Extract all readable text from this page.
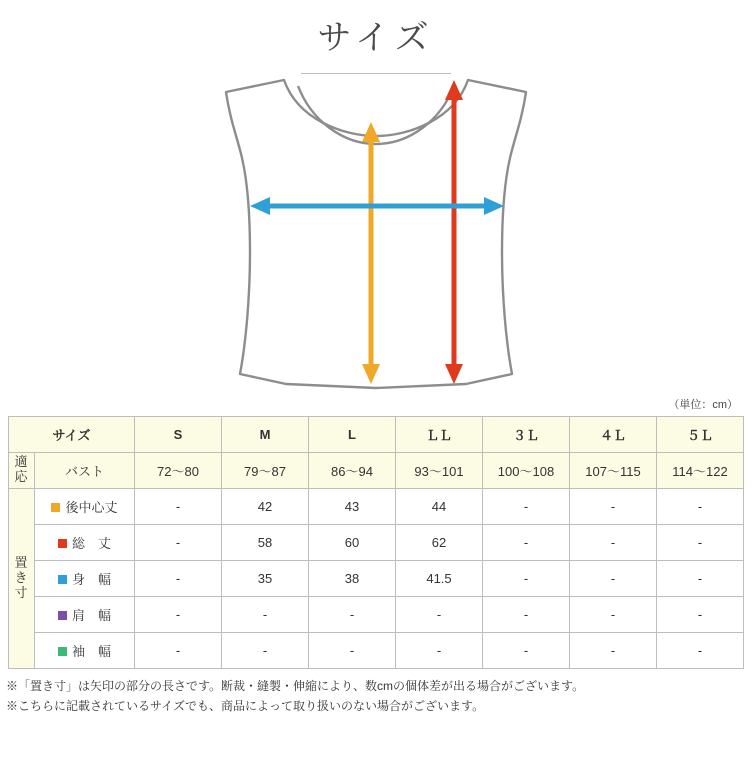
サイズ
（単位：cm）
サイズ		S	M	L	ＬＬ	３Ｌ	４Ｌ	５Ｌ
適応	バスト	72〜80	79〜87	86〜94	93〜101	100〜108	107〜115	114〜122
置き寸	後中心丈	-	42	43	44	-	-	-
	総　丈	-	58	60	62	-	-	-
	身　幅	-	35	38	41.5	-	-	-
	肩　幅	-	-	-	-	-	-	-
	袖　幅	-	-	-	-	-	-	-
※「置き寸」は矢印の部分の長さです。断裁・縫製・伸縮により、数cmの個体差が出る場合がございます。
※こちらに記載されているサイズでも、商品によって取り扱いのない場合がございます。
